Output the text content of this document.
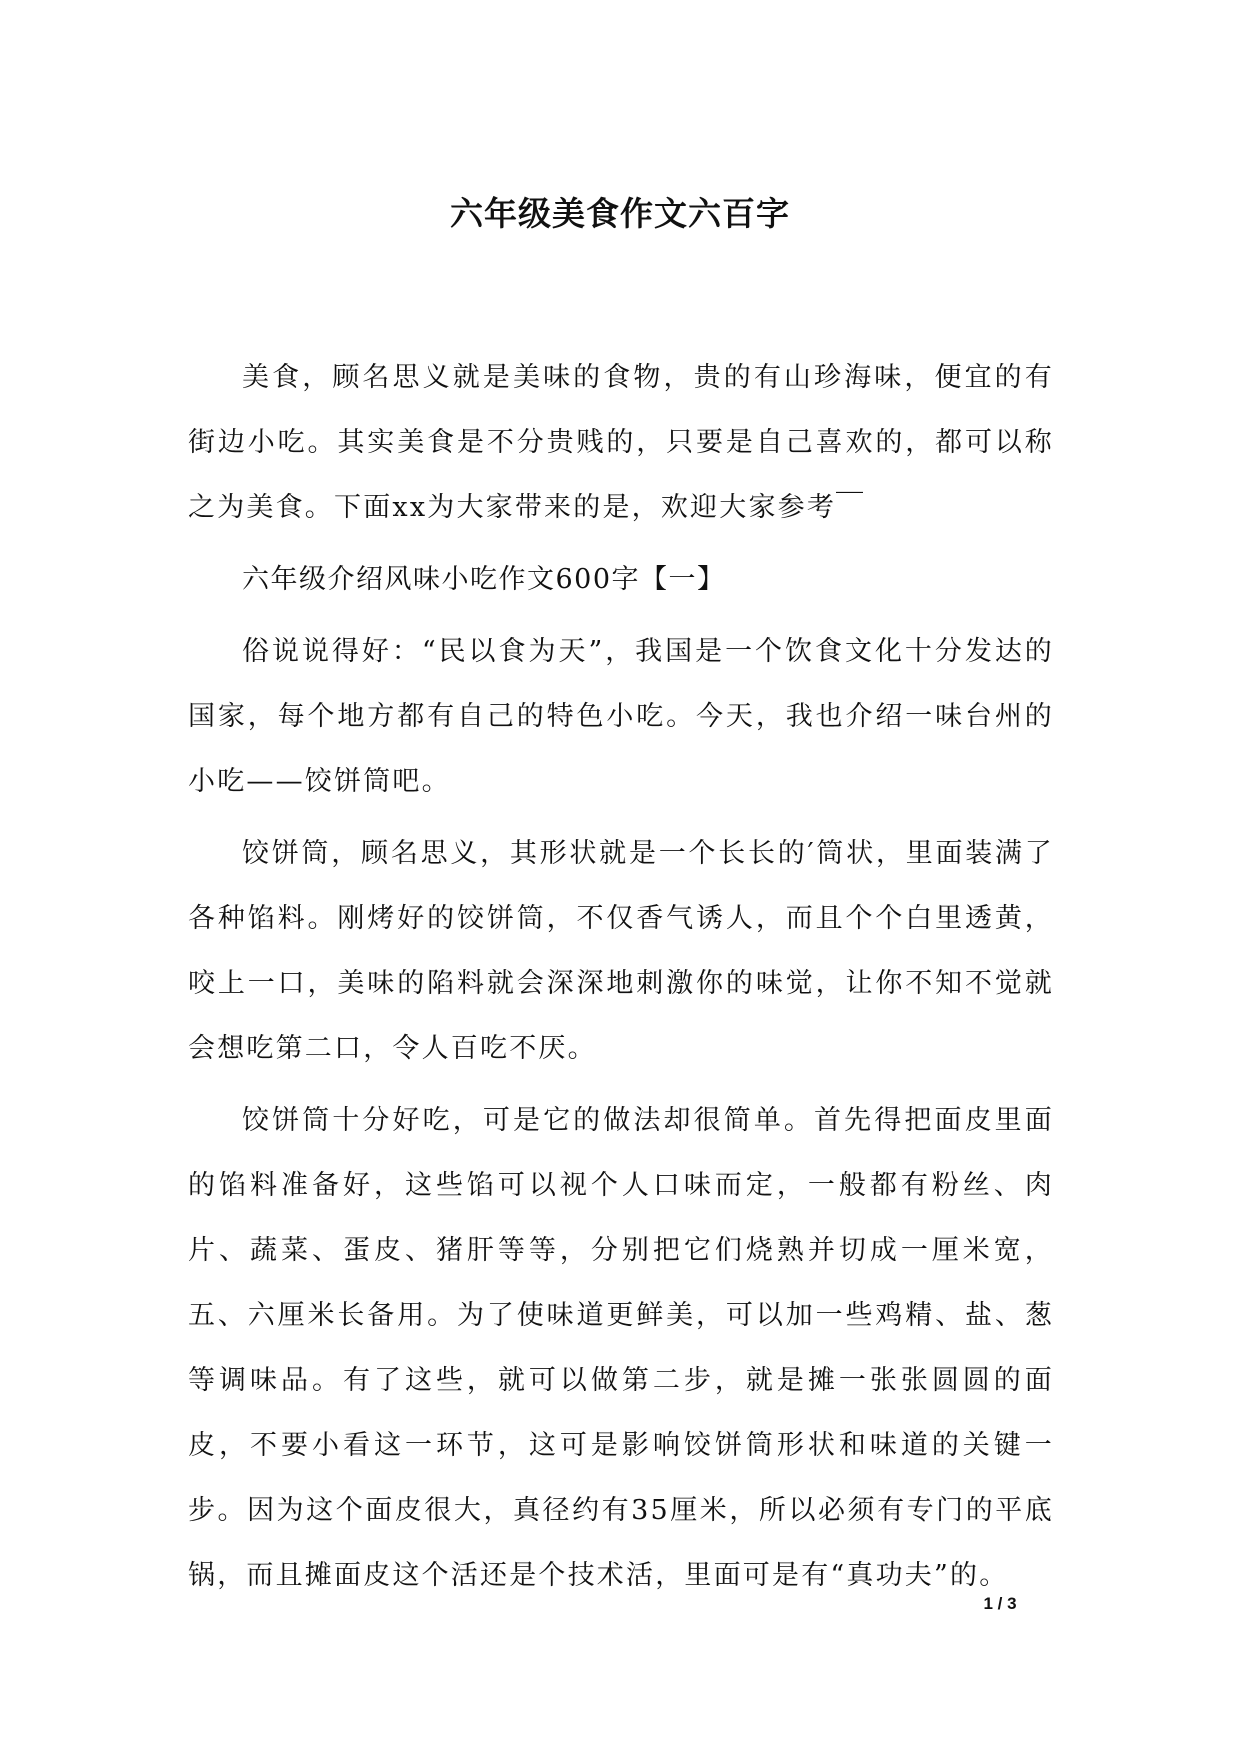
六年级美食作文六百字

美食，顾名思义就是美味的食物，贵的有山珍海味，便宜的有街边小吃。其实美食是不分贵贱的，只要是自己喜欢的，都可以称之为美食。下面xx为大家带来的是，欢迎大家参考￣

六年级介绍风味小吃作文600字【一】

俗说说得好：“民以食为天”，我国是一个饮食文化十分发达的国家，每个地方都有自己的特色小吃。今天，我也介绍一味台州的小吃——饺饼筒吧。

饺饼筒，顾名思义，其形状就是一个长长的′筒状，里面装满了各种馅料。刚烤好的饺饼筒，不仅香气诱人，而且个个白里透黄，咬上一口，美味的陷料就会深深地刺激你的味觉，让你不知不觉就会想吃第二口，令人百吃不厌。

饺饼筒十分好吃，可是它的做法却很简单。首先得把面皮里面的馅料准备好，这些馅可以视个人口味而定，一般都有粉丝、肉片、蔬菜、蛋皮、猪肝等等，分别把它们烧熟并切成一厘米宽，五、六厘米长备用。为了使味道更鲜美，可以加一些鸡精、盐、葱等调味品。有了这些，就可以做第二步，就是摊一张张圆圆的面皮，不要小看这一环节，这可是影响饺饼筒形状和味道的关键一步。因为这个面皮很大，真径约有35厘米，所以必须有专门的平底锅，而且摊面皮这个活还是个技术活，里面可是有“真功夫”的。

1 / 3
